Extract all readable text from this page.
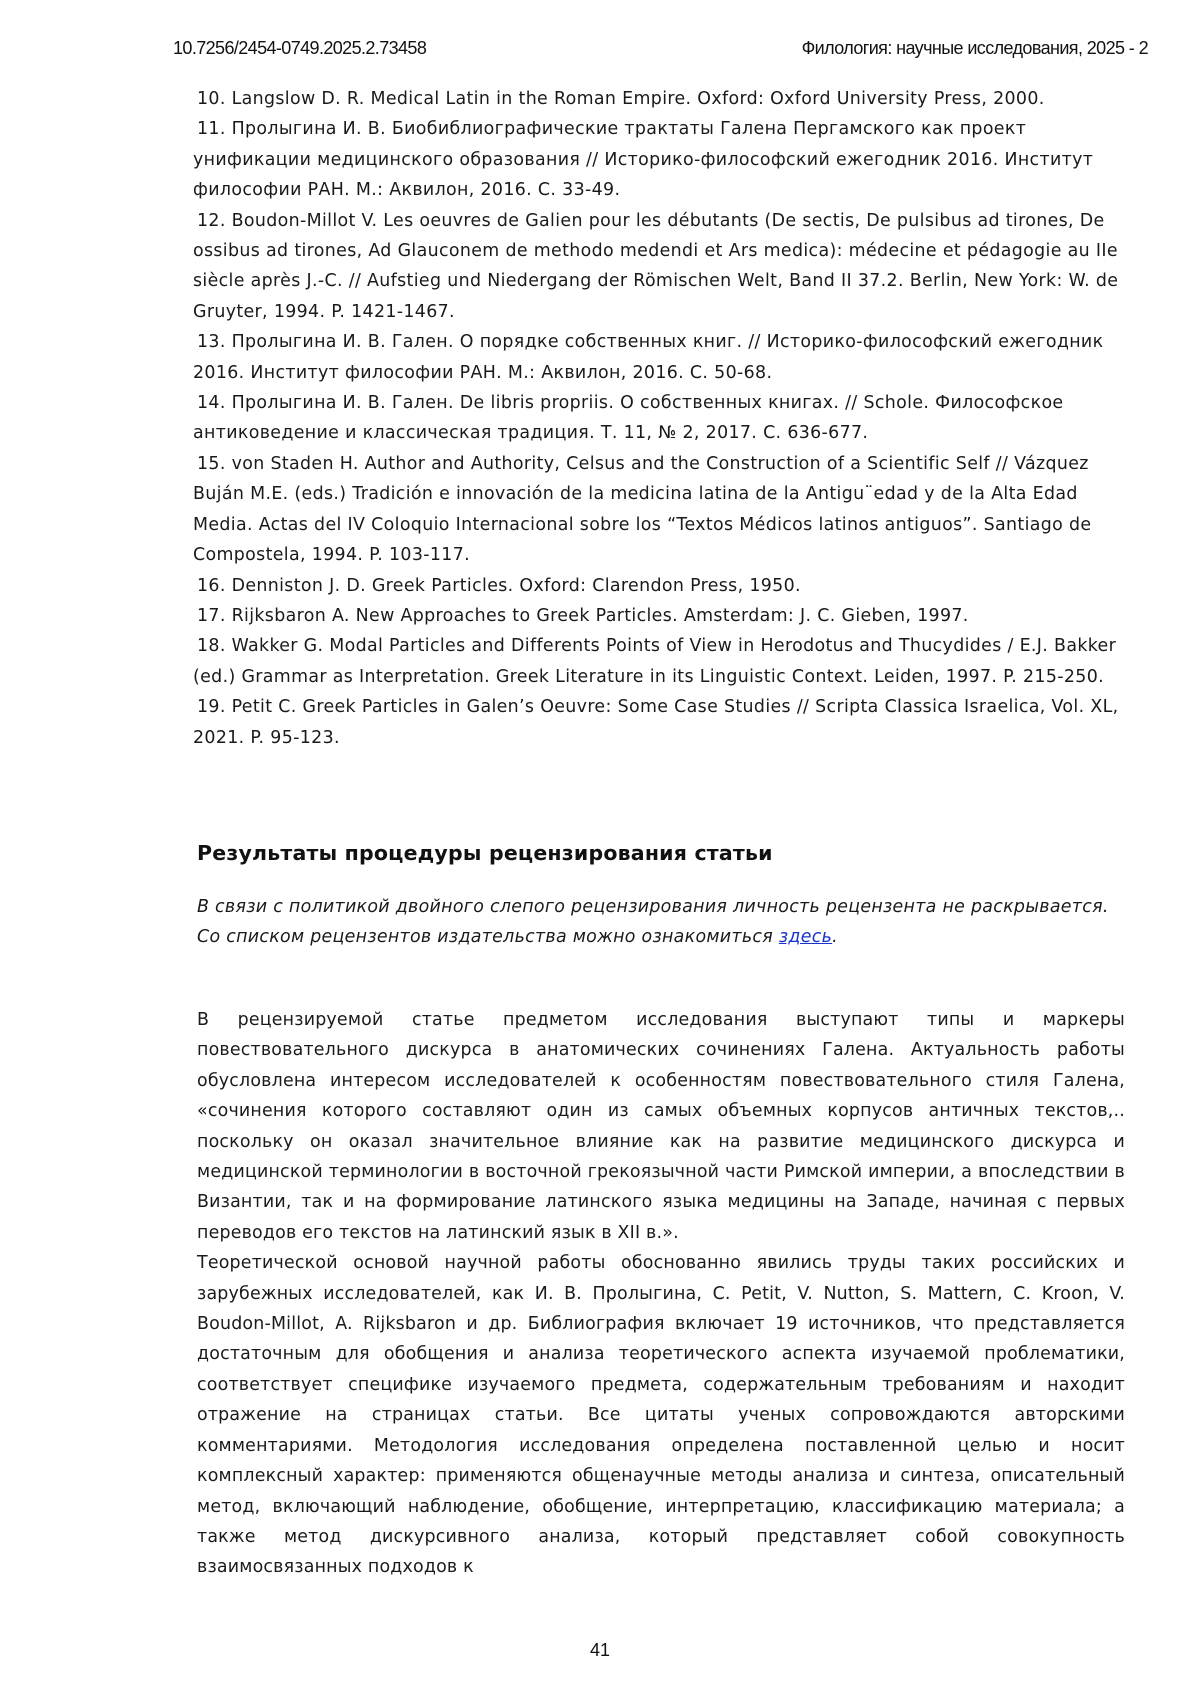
10.7256/2454-0749.2025.2.73458	Филология: научные исследования, 2025 - 2
10. Langslow D. R. Medical Latin in the Roman Empire. Oxford: Oxford University Press, 2000.
11. Пролыгина И. В. Биобиблиографические трактаты Галена Пергамского как проект унификации медицинского образования // Историко-философский ежегодник 2016. Институт философии РАН. М.: Аквилон, 2016. С. 33-49.
12. Boudon-Millot V. Les oeuvres de Galien pour les débutants (De sectis, De pulsibus ad tirones, De ossibus ad tirones, Ad Glauconem de methodo medendi et Ars medica): médecine et pédagogie au IIe siècle après J.-C. // Aufstieg und Niedergang der Römischen Welt, Band II 37.2. Berlin, New York: W. de Gruyter, 1994. P. 1421-1467.
13. Пролыгина И. В. Гален. О порядке собственных книг. // Историко-философский ежегодник 2016. Институт философии РАН. М.: Аквилон, 2016. С. 50-68.
14. Пролыгина И. В. Гален. De libris propriis. О собственных книгах. // Schole. Философское антиковедение и классическая традиция. Т. 11, № 2, 2017. С. 636-677.
15. von Staden H. Author and Authority, Celsus and the Construction of a Scientific Self // Vázquez Buján M.E. (eds.) Tradición e innovación de la medicina latina de la Antigu¨edad y de la Alta Edad Media. Actas del IV Coloquio Internacional sobre los “Textos Médicos latinos antiguos”. Santiago de Compostela, 1994. P. 103-117.
16. Denniston J. D. Greek Particles. Oxford: Clarendon Press, 1950.
17. Rijksbaron A. New Approaches to Greek Particles. Amsterdam: J. C. Gieben, 1997.
18. Wakker G. Modal Particles and Differents Points of View in Herodotus and Thucydides / E.J. Bakker (ed.) Grammar as Interpretation. Greek Literature in its Linguistic Context. Leiden, 1997. P. 215-250.
19. Petit C. Greek Particles in Galen’s Oeuvre: Some Case Studies // Scripta Classica Israelica, Vol. XL, 2021. P. 95-123.
Результаты процедуры рецензирования статьи

В связи с политикой двойного слепого рецензирования личность рецензента не раскрывается.

Со списком рецензентов издательства можно ознакомиться здесь.

В рецензируемой статье предметом исследования выступают типы и маркеры повествовательного дискурса в анатомических сочинениях Галена. Актуальность работы обусловлена интересом исследователей к особенностям повествовательного стиля Галена, «сочинения которого составляют один из самых объемных корпусов античных текстов,.. поскольку он оказал значительное влияние как на развитие медицинского дискурса и медицинской терминологии в восточной грекоязычной части Римской империи, а впоследствии в Византии, так и на формирование латинского языка медицины на Западе, начиная с первых переводов его текстов на латинский язык в XII в.».

Теоретической основой научной работы обоснованно явились труды таких российских и зарубежных исследователей, как И. В. Пролыгина, C. Petit, V. Nutton, S. Mattern, C. Kroon, V. Boudon-Millot, A. Rijksbaron и др. Библиография включает 19 источников, что представляется достаточным для обобщения и анализа теоретического аспекта изучаемой проблематики, соответствует специфике изучаемого предмета, содержательным требованиям и находит отражение на страницах статьи. Все цитаты ученых сопровождаются авторскими комментариями. Методология исследования определена поставленной целью и носит комплексный характер: применяются общенаучные методы анализа и синтеза, описательный метод, включающий наблюдение, обобщение, интерпретацию, классификацию материала; а также метод дискурсивного анализа, который представляет собой совокупность взаимосвязанных подходов к

41
